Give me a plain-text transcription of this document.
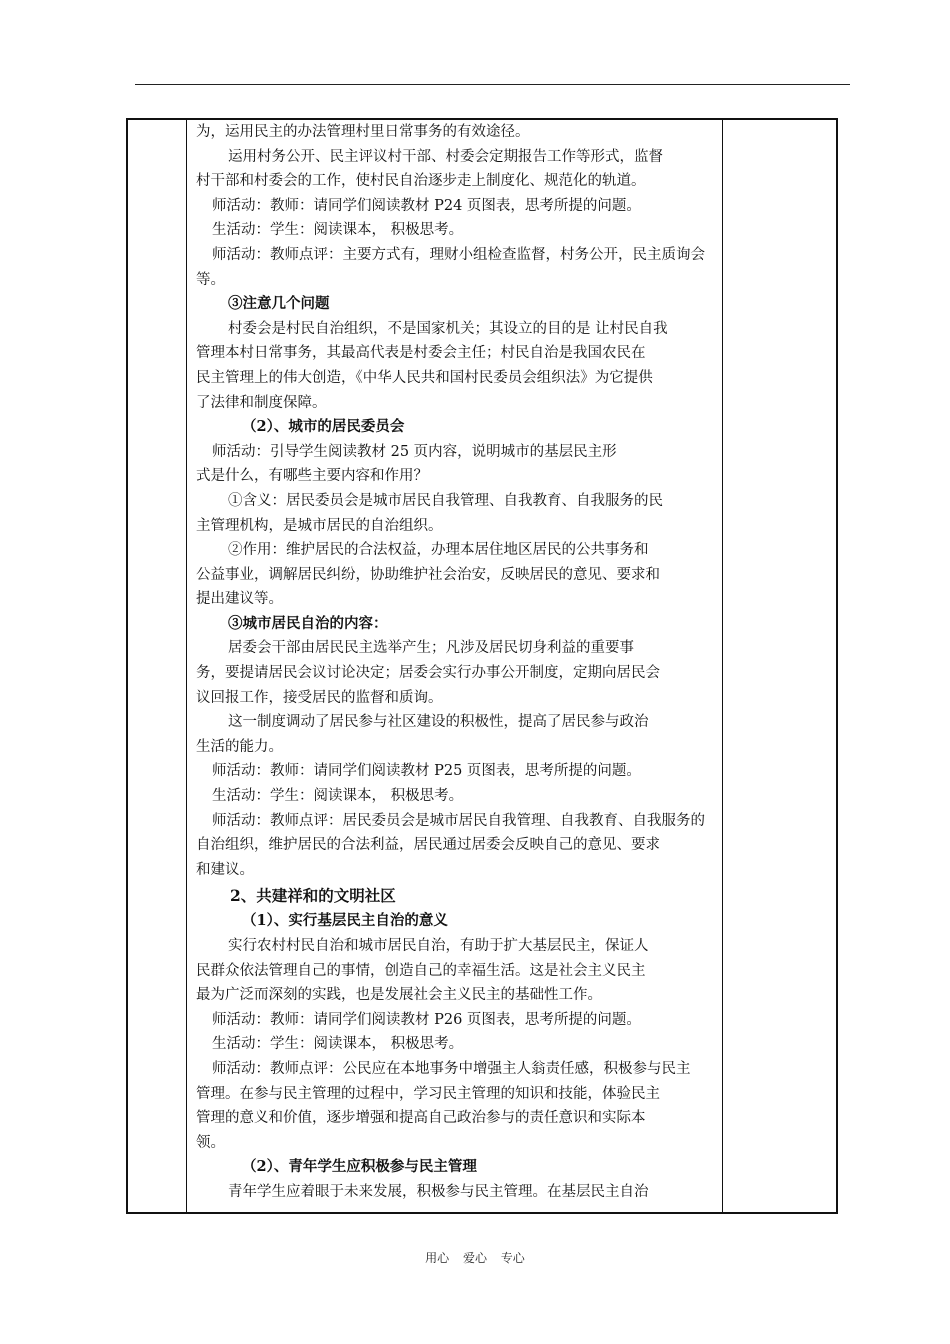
为，运用民主的办法管理村里日常事务的有效途径。
运用村务公开、民主评议村干部、村委会定期报告工作等形式，监督
村干部和村委会的工作，使村民自治逐步走上制度化、规范化的轨道。
师活动：教师：请同学们阅读教材 P24 页图表，思考所提的问题。
生活动：学生：阅读课本， 积极思考。
师活动：教师点评：主要方式有，理财小组检查监督，村务公开，民主质询会
等。
③注意几个问题
村委会是村民自治组织，不是国家机关；其设立的目的是 让村民自我
管理本村日常事务，其最高代表是村委会主任；村民自治是我国农民在
民主管理上的伟大创造，《中华人民共和国村民委员会组织法》为它提供
了法律和制度保障。
（2）、城市的居民委员会
师活动：引导学生阅读教材 25 页内容，说明城市的基层民主形
式是什么，有哪些主要内容和作用？
①含义：居民委员会是城市居民自我管理、自我教育、自我服务的民
主管理机构，是城市居民的自治组织。
②作用：维护居民的合法权益，办理本居住地区居民的公共事务和
公益事业，调解居民纠纷，协助维护社会治安，反映居民的意见、要求和
提出建议等。
③城市居民自治的内容：
居委会干部由居民民主选举产生；凡涉及居民切身利益的重要事
务，要提请居民会议讨论决定；居委会实行办事公开制度，定期向居民会
议回报工作，接受居民的监督和质询。
这一制度调动了居民参与社区建设的积极性，提高了居民参与政治
生活的能力。
师活动：教师：请同学们阅读教材 P25 页图表，思考所提的问题。
生活动：学生：阅读课本， 积极思考。
师活动：教师点评：居民委员会是城市居民自我管理、自我教育、自我服务的
自治组织，维护居民的合法利益，居民通过居委会反映自己的意见、要求
和建议。
2、共建祥和的文明社区
（1）、实行基层民主自治的意义
实行农村村民自治和城市居民自治，有助于扩大基层民主，保证人
民群众依法管理自己的事情，创造自己的幸福生活。这是社会主义民主
最为广泛而深刻的实践，也是发展社会主义民主的基础性工作。
师活动：教师：请同学们阅读教材 P26 页图表，思考所提的问题。
生活动：学生：阅读课本， 积极思考。
师活动：教师点评：公民应在本地事务中增强主人翁责任感，积极参与民主
管理。在参与民主管理的过程中，学习民主管理的知识和技能，体验民主
管理的意义和价值，逐步增强和提高自己政治参与的责任意识和实际本
领。
（2）、青年学生应积极参与民主管理
青年学生应着眼于未来发展，积极参与民主管理。在基层民主自治
用心 爱心 专心
